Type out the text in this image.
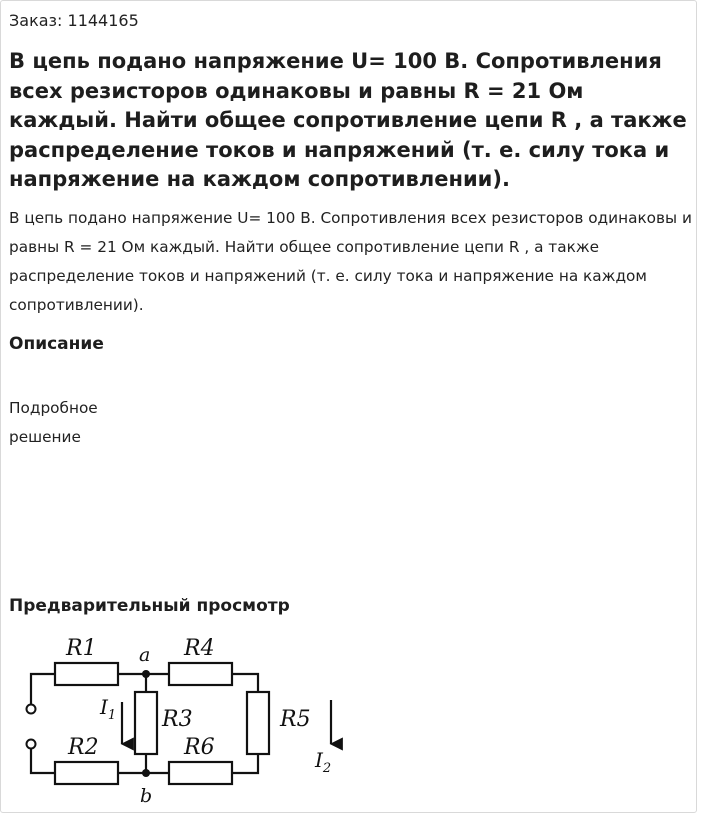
Заказ: 1144165
В цепь подано напряжение U= 100 В. Сопротивления всех резисторов одинаковы и равны R = 21 Ом каждый. Найти общее сопротивление цепи R , а также распределение токов и напряжений (т. е. силу тока и напряжение на каждом сопротивлении).

В цепь подано напряжение U= 100 В. Сопротивления всех резисторов одинаковы и равны R = 21 Ом каждый. Найти общее сопротивление цепи R , а также распределение токов и напряжений (т. е. силу тока и напряжение на каждом сопротивлении).

Описание
Подробное
решение
Предварительный просмотр
R1	R4
R2	R6
R3	R5
a
b
$I_1$
$I_2$
